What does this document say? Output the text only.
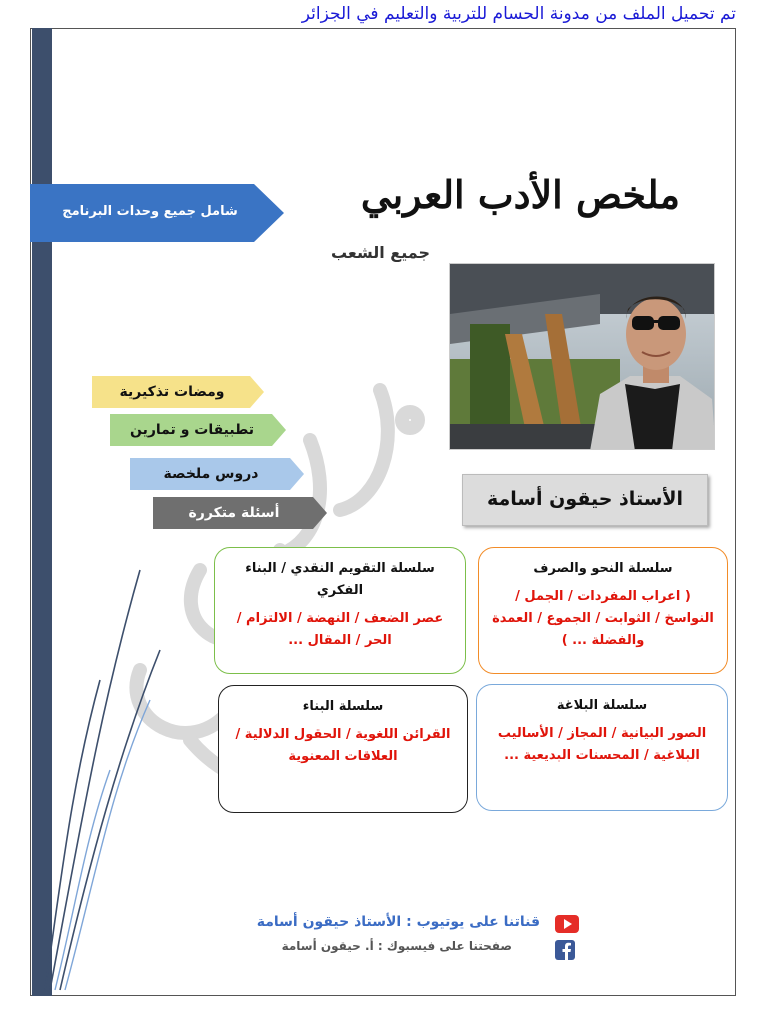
تم تحميل الملف من مدونة الحسام للتربية والتعليم في الجزائر
ملخص الأدب العربي
جميع الشعب
شامل جميع وحدات البرنامج
الأستاذ حيقون أسامة
ومضات تذكيرية
تطبيقات و تمارين
دروس ملخصة
أسئلة متكررة
سلسلة النحو والصرف
( اعراب المفردات / الجمل / النواسخ / الثوابت / الجموع / العمدة والفضلة ... )
سلسلة التقويم النقدي / البناء الفكري
عصر الضعف / النهضة / الالتزام / الحر / المقال ...
سلسلة البلاغة
الصور البيانية / المجاز / الأساليب البلاغية / المحسنات البديعية ...
سلسلة البناء
القرائن اللغوية / الحقول الدلالية / العلاقات المعنوية
قناتنا على يوتيوب : الأستاذ حيقون أسامة
صفحتنا على فيسبوك : أ. حيقون أسامة
